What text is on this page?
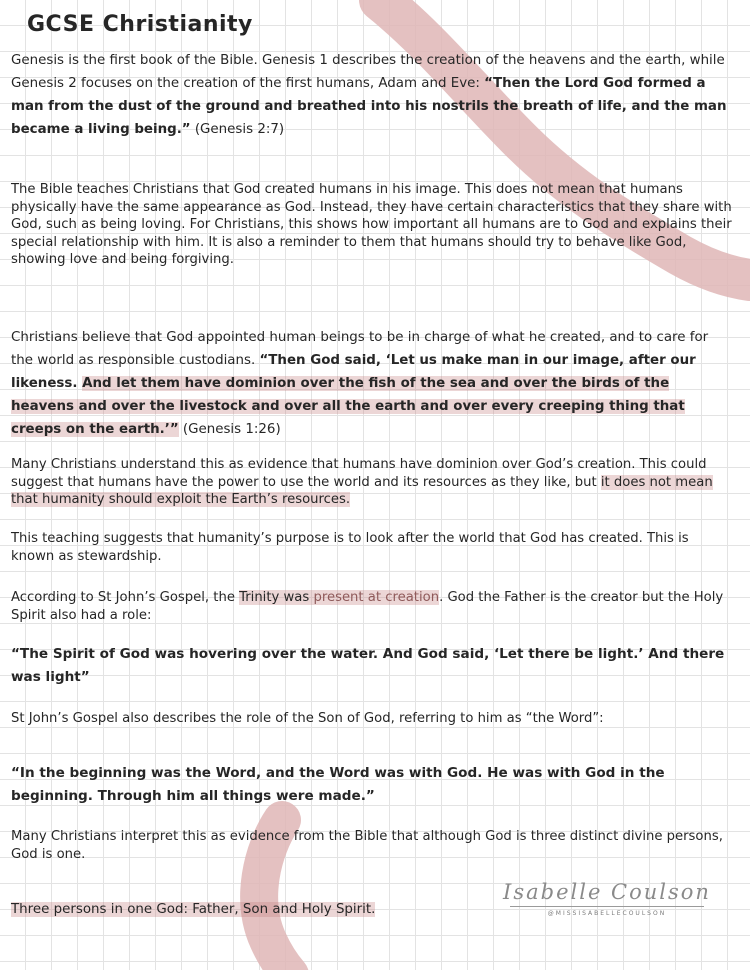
GCSE Christianity

Genesis is the first book of the Bible. Genesis 1 describes the creation of the heavens and the earth, while Genesis 2 focuses on the creation of the first humans, Adam and Eve: “Then the Lord God formed a man from the dust of the ground and breathed into his nostrils the breath of life, and the man became a living being.” (Genesis 2:7)

The Bible teaches Christians that God created humans in his image. This does not mean that humans physically have the same appearance as God. Instead, they have certain characteristics that they share with God, such as being loving. For Christians, this shows how important all humans are to God and explains their special relationship with him. It is also a reminder to them that humans should try to behave like God, showing love and being forgiving.

Christians believe that God appointed human beings to be in charge of what he created, and to care for the world as responsible custodians. “Then God said, ‘Let us make man in our image, after our likeness. And let them have dominion over the fish of the sea and over the birds of the heavens and over the livestock and over all the earth and over every creeping thing that creeps on the earth.’” (Genesis 1:26)

Many Christians understand this as evidence that humans have dominion over God’s creation. This could suggest that humans have the power to use the world and its resources as they like, but it does not mean that humanity should exploit the Earth’s resources.

This teaching suggests that humanity’s purpose is to look after the world that God has created. This is known as stewardship.

According to St John’s Gospel, the Trinity was present at creation. God the Father is the creator but the Holy Spirit also had a role:

“The Spirit of God was hovering over the water. And God said, ‘Let there be light.’ And there was light”

St John’s Gospel also describes the role of the Son of God, referring to him as “the Word”:

“In the beginning was the Word, and the Word was with God. He was with God in the beginning. Through him all things were made.”

Many Christians interpret this as evidence from the Bible that although God is three distinct divine persons, God is one.

Three persons in one God: Father, Son and Holy Spirit.

Isabelle Coulson
@MISSISABELLECOULSON
